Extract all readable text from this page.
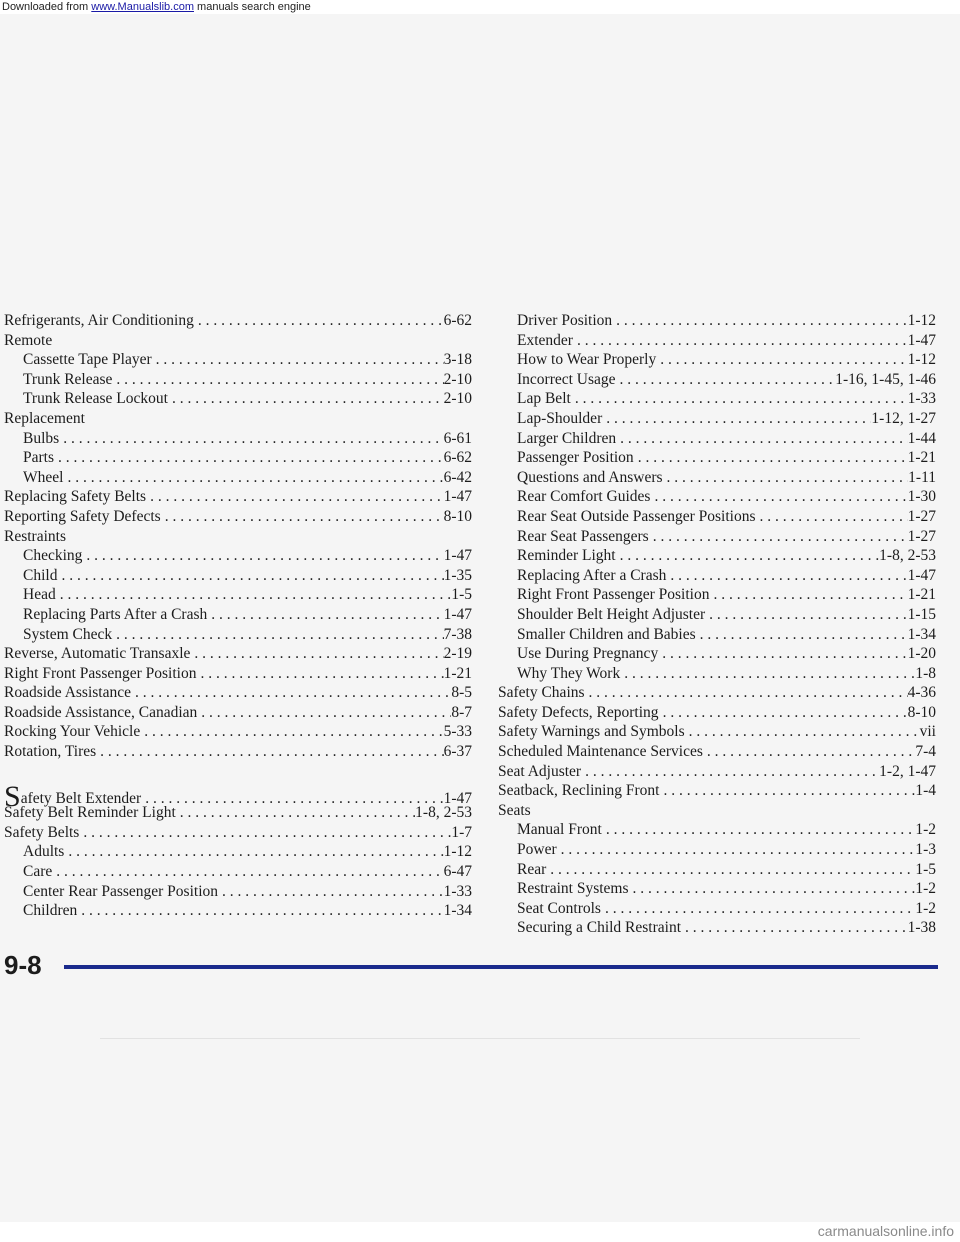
Downloaded from www.Manualslib.com manuals search engine
Refrigerants, Air Conditioning . . .	6-62
Remote
Cassette Tape Player . . .	3-18
Trunk Release . . .	2-10
Trunk Release Lockout . . .	2-10
Replacement
Bulbs . . .	6-61
Parts . . .	6-62
Wheel . . .	6-42
Replacing Safety Belts . . .	1-47
Reporting Safety Defects . . .	8-10
Restraints
Checking . . .	1-47
Child . . .	1-35
Head . . .	1-5
Replacing Parts After a Crash . . .	1-47
System Check . . .	7-38
Reverse, Automatic Transaxle . . .	2-19
Right Front Passenger Position . . .	1-21
Roadside Assistance . . .	8-5
Roadside Assistance, Canadian . . .	8-7
Rocking Your Vehicle . . .	5-33
Rotation, Tires . . .	6-37
Safety Belt Extender . . .	1-47
Safety Belt Reminder Light . . .	1-8, 2-53
Safety Belts . . .	1-7
Adults . . .	1-12
Care . . .	6-47
Center Rear Passenger Position . . .	1-33
Children . . .	1-34
Driver Position . . .	1-12
Extender . . .	1-47
How to Wear Properly . . .	1-12
Incorrect Usage . . .	1-16, 1-45, 1-46
Lap Belt . . .	1-33
Lap-Shoulder . . .	1-12, 1-27
Larger Children . . .	1-44
Passenger Position . . .	1-21
Questions and Answers . . .	1-11
Rear Comfort Guides . . .	1-30
Rear Seat Outside Passenger Positions . . .	1-27
Rear Seat Passengers . . .	1-27
Reminder Light . . .	1-8, 2-53
Replacing After a Crash . . .	1-47
Right Front Passenger Position . . .	1-21
Shoulder Belt Height Adjuster . . .	1-15
Smaller Children and Babies . . .	1-34
Use During Pregnancy . . .	1-20
Why They Work . . .	1-8
Safety Chains . . .	4-36
Safety Defects, Reporting . . .	8-10
Safety Warnings and Symbols . . .	vii
Scheduled Maintenance Services . . .	7-4
Seat Adjuster . . .	1-2, 1-47
Seatback, Reclining Front . . .	1-4
Seats
Manual Front . . .	1-2
Power . . .	1-3
Rear . . .	1-5
Restraint Systems . . .	1-2
Seat Controls . . .	1-2
Securing a Child Restraint . . .	1-38
9-8
carmanualsonline.info
